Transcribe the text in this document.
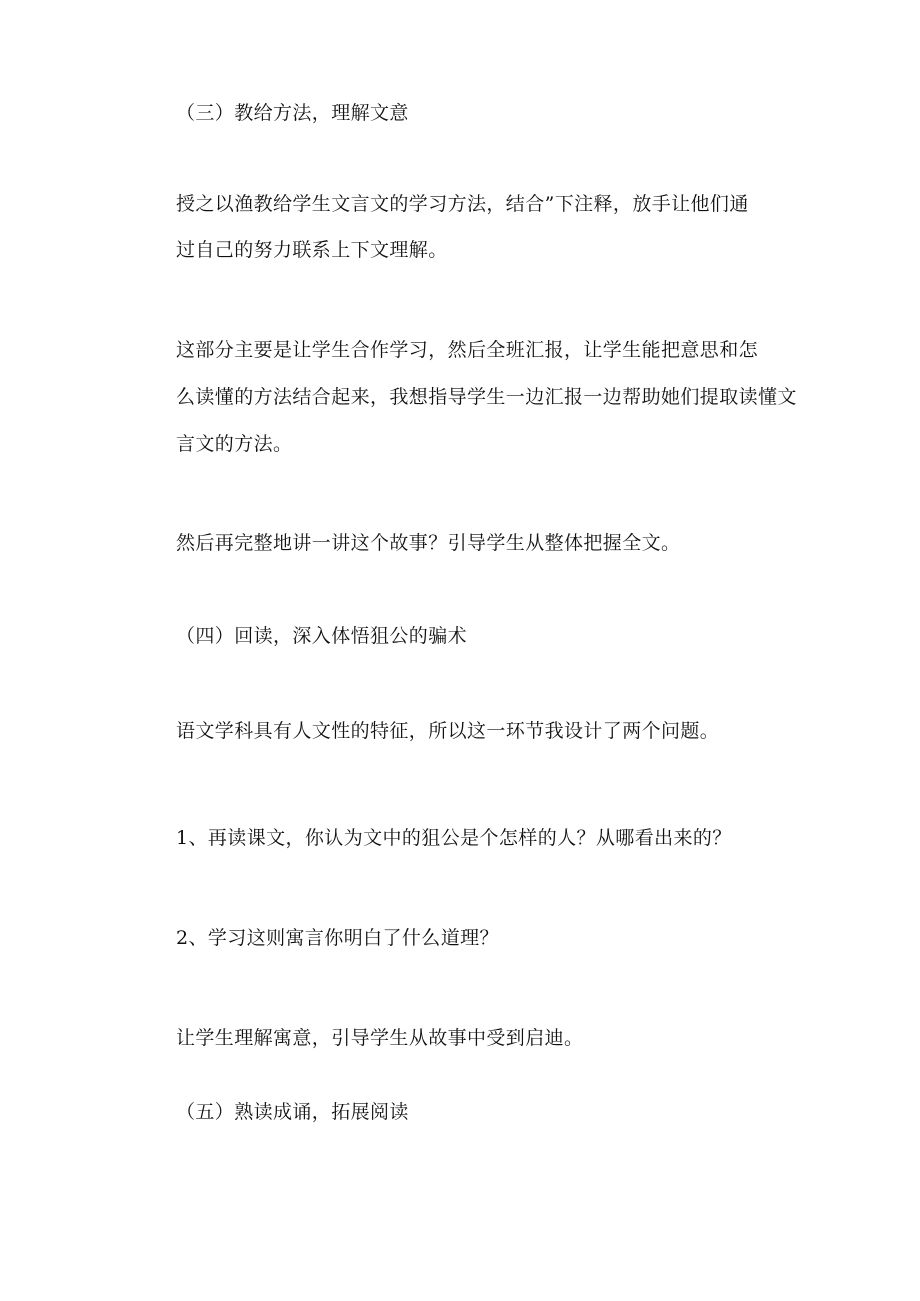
（三）教给方法，理解文意

授之以渔教给学生文言文的学习方法，结合”下注释，放手让他们通

过自己的努力联系上下文理解。

这部分主要是让学生合作学习，然后全班汇报，让学生能把意思和怎

么读懂的方法结合起来，我想指导学生一边汇报一边帮助她们提取读懂文

言文的方法。

然后再完整地讲一讲这个故事？引导学生从整体把握全文。

（四）回读，深入体悟狙公的骗术

语文学科具有人文性的特征，所以这一环节我设计了两个问题。

1、再读课文，你认为文中的狙公是个怎样的人？从哪看出来的？

2、学习这则寓言你明白了什么道理？

让学生理解寓意，引导学生从故事中受到启迪。

（五）熟读成诵，拓展阅读
